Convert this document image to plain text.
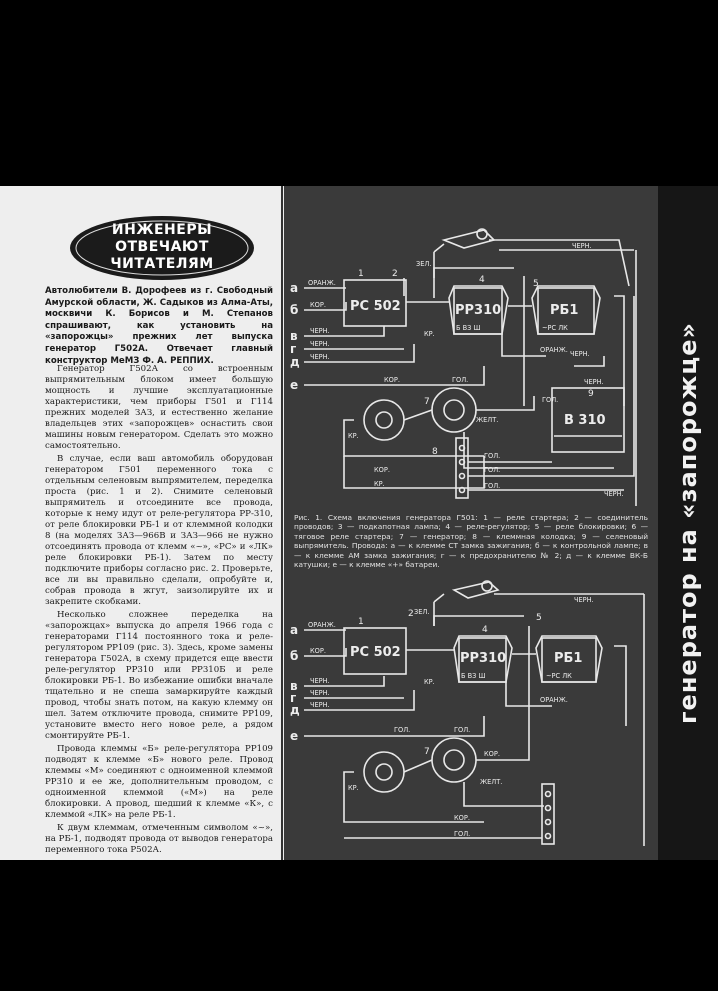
ИНЖЕНЕРЫ
ОТВЕЧАЮТ
ЧИТАТЕЛЯМ
Автолюбители В. Дорофеев из г. Свободный Амурской области, Ж. Садыков из Алма-Аты, москвичи К. Борисов и М. Степанов спрашивают, как установить на «запорожцы» прежних лет выпуска генератор Г502А. Отвечает главный конструктор МеМЗ Ф. А. РЕППИХ.

Генератор Г502А со встроенным выпрямительным блоком имеет большую мощность и лучшие эксплуатационные характеристики, чем приборы Г501 и Г114 прежних моделей ЗАЗ, и естественно желание владельцев этих «запорожцев» оснастить свои машины новым генератором. Сделать это можно самостоятельно.

В случае, если ваш автомобиль оборудован генератором Г501 переменного тока с отдельным селеновым выпрямителем, переделка проста (рис. 1 и 2). Снимите селеновый выпрямитель и отсоедините все провода, которые к нему идут от реле-регулятора РР-310, от реле блокировки РБ-1 и от клеммной колодки 8 (на моделях ЗАЗ—966В и ЗАЗ—966 не нужно отсоединять провода от клемм «~», «РС» и «ЛК» реле блокировки РБ-1). Затем по месту подключите приборы согласно рис. 2. Проверьте, все ли вы правильно сделали, опробуйте и, собрав провода в жгут, заизолируйте их и закрепите скобками.

Несколько сложнее переделка на «запорожцах» выпуска до апреля 1966 года с генераторами Г114 постоянного тока и реле-регулятором РР109 (рис. 3). Здесь, кроме замены генератора Г502А, в схему придется еще ввести реле-регулятор РР310 или РР310Б и реле блокировки РБ-1. Во избежание ошибки вначале тщательно и не спеша замаркируйте каждый провод, чтобы знать потом, на какую клемму он шел. Затем отключите провода, снимите РР109, установите вместо него новое реле, а рядом смонтируйте РБ-1.

Провода клеммы «Б» реле-регулятора РР109 подводят к клемме «Б» нового реле. Провод клеммы «М» соединяют с одноименной клеммой РР310 и ее же, дополнительным проводом, с одноименной клеммой («М») на реле блокировки. А провод, шедший к клемме «К», с клеммой «ЛК» на реле РБ-1.

К двум клеммам, отмеченным символом «~», на РБ-1, подводят провода от выводов генератора переменного тока Р502А.

а
б
в
г
д
е
ОРАНЖ.
КОР.
ЧЕРН.
ЧЕРН.
ЧЕРН.
РС 502	РР310
Б ВЗ Ш
РБ1
~РС ЛК
В 310
1	2
4	5
7
8
9
КР.
ЗЕЛ.
ЧЕРН.
ЧЕРН.
ОРАНЖ.
КОР.	ГОЛ.
ЖЕЛТ.
КР.
ГОЛ.
КОР.
КР.
ГОЛ.
ГОЛ.
ЧЕРН.
ГОЛ.
ЧЕРН.
Рис. 1. Схема включения генератора Г501: 1 — реле стартера; 2 — соединитель проводов; 3 — подкапотная лампа; 4 — реле-регулятор; 5 — реле блокировки; 6 — тяговое реле стартера; 7 — генератор; 8 — клеммная колодка; 9 — селеновый выпрямитель. Провода: а — к клемме СТ замка зажигания; б — к контрольной лампе; в — к клемме АМ замка зажигания; г — к предохранителю № 2; д — к клемме ВК-Б катушки; е — к клемме «+» батареи.
а
б
в
г
д
е
ОРАНЖ.
КОР.
ЧЕРН.
ЧЕРН.
ЧЕРН.
РС 502	РР310
Б ВЗ Ш
РБ1
~РС ЛК
1
2
4
5
7
КР.
ЗЕЛ.
ЧЕРН.
ОРАНЖ.
ГОЛ.	ГОЛ.
КОР.
ЖЕЛТ.
КР.
КОР.
ГОЛ.
генератор на «запорожце»
